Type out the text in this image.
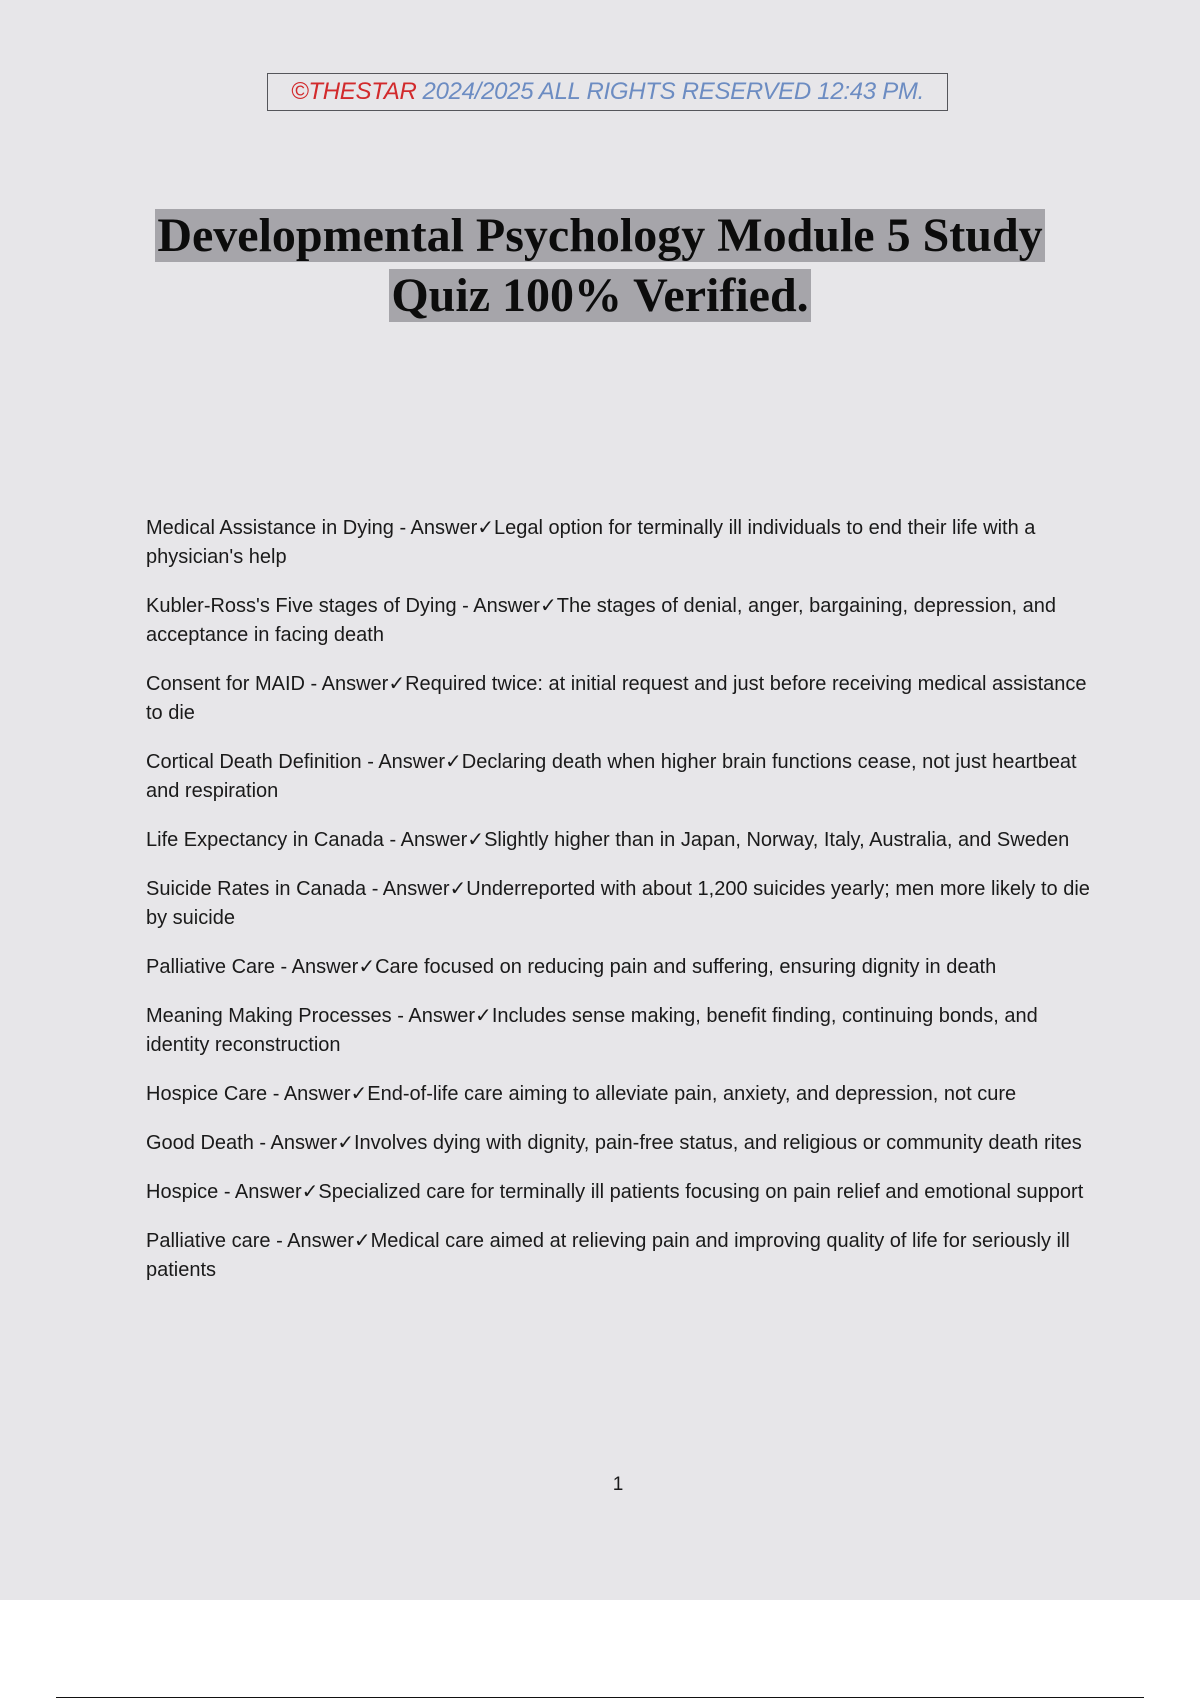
©THESTAR 2024/2025 ALL RIGHTS RESERVED 12:43 PM.
Developmental Psychology Module 5 Study
Quiz 100% Verified.
Medical Assistance in Dying - Answer✓Legal option for terminally ill individuals to end their life with a physician's help
Kubler-Ross's Five stages of Dying - Answer✓The stages of denial, anger, bargaining, depression, and acceptance in facing death
Consent for MAID - Answer✓Required twice: at initial request and just before receiving medical assistance to die
Cortical Death Definition - Answer✓Declaring death when higher brain functions cease, not just heartbeat and respiration
Life Expectancy in Canada - Answer✓Slightly higher than in Japan, Norway, Italy, Australia, and Sweden
Suicide Rates in Canada - Answer✓Underreported with about 1,200 suicides yearly; men more likely to die by suicide
Palliative Care - Answer✓Care focused on reducing pain and suffering, ensuring dignity in death
Meaning Making Processes - Answer✓Includes sense making, benefit finding, continuing bonds, and identity reconstruction
Hospice Care - Answer✓End-of-life care aiming to alleviate pain, anxiety, and depression, not cure
Good Death - Answer✓Involves dying with dignity, pain-free status, and religious or community death rites
Hospice - Answer✓Specialized care for terminally ill patients focusing on pain relief and emotional support
Palliative care - Answer✓Medical care aimed at relieving pain and improving quality of life for seriously ill patients
1
